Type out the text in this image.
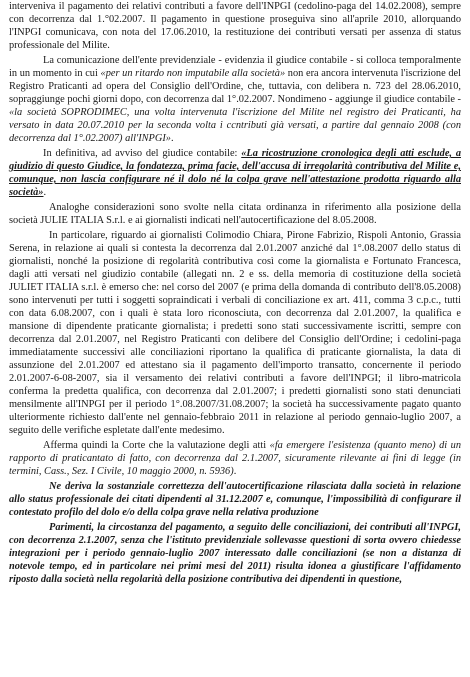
interveniva il pagamento dei relativi contributi a favore dell'INPGI (cedolino-paga del 14.02.2008), sempre con decorrenza dal 1.°02.2007. Il pagamento in questione proseguiva sino all'aprile 2010, allorquando l'INPGI comunicava, con nota del 17.06.2010, la restituzione dei contributi versati per assenza di status professionale del Milite.

La comunicazione dell'ente previdenziale - evidenzia il giudice contabile - si colloca temporalmente in un momento in cui «per un ritardo non imputabile alla società» non era ancora intervenuta l'iscrizione del Registro Praticanti ad opera del Consiglio dell'Ordine, che, tuttavia, con delibera n. 723 del 28.06.2010, sopraggiunge pochi giorni dopo, con decorrenza dal 1°.02.2007. Nondimeno - aggiunge il giudice contabile - «la società SOPRODIMEC, una volta intervenuta l'iscrizione del Milite nel registro dei Praticanti, ha versato in data 20.07.2010 per la seconda volta i ccntributi già versati, a partire dal gennaio 2008 (con decorrenza dal 1°.02.2007) all'INPGI».

In definitiva, ad avviso del giudice contabile: «La ricostruzione cronologica degli atti esclude, a giudizio di questo Giudice, la fondatezza, prima facie, dell'accusa di irregolarità contributiva del Milite e, comunque, non lascia configurare né il dolo né la colpa grave nell'attestazione prodotta riguardo alla società».

Analoghe considerazioni sono svolte nella citata ordinanza in riferimento alla posizione della società JULIE ITALIA S.r.l. e ai giornalisti indicati nell'autocertificazione del 8.05.2008.

In particolare, riguardo ai giornalisti Colimodio Chiara, Pirone Fabrizio, Rispoli Antonio, Grassia Serena, in relazione ai quali si contesta la decorrenza dal 2.01.2007 anziché dal 1°.08.2007 dello status di giornalisti, nonché la posizione di regolarità contributiva così come la giornalista e Fortunato Francesca, dagli atti versati nel giudizio contabile (allegati nn. 2 e ss. della memoria di costituzione della società JULIET ITALIA s.r.l. è emerso che: nel corso del 2007 (e prima della domanda di contributo dell'8.05.2008) sono intervenuti per tutti i soggetti sopraindicati i verbali di conciliazione ex art. 411, comma 3 c.p.c., tutti con data 6.08.2007, con i quali è stata loro riconosciuta, con decorrenza dal 2.01.2007, la qualifica e mansione di dipendente praticante giornalista; i predetti sono stati successivamente iscritti, sempre con decorrenza dal 2.01.2007, nel Registro Praticanti con delibere del Consiglio dell'Ordine; i cedolini-paga immediatamente successivi alle conciliazioni riportano la qualifica di praticante giornalista, la data di assunzione del 2.01.2007 ed attestano sia il pagamento dell'importo transatto, concernente il periodo 2.01.2007-6-08-2007, sia il versamento dei relativi contributi a favore dell'INPGI; il libro-matricola conferma la predetta qualifica, con decorrenza dal 2.01.2007; i predetti giornalisti sono stati denunciati mensilmente all'INPGI per il periodo 1°.08.2007/31.08.2007; la società ha successivamente pagato quanto ulteriormente richiesto dall'ente nel gennaio-febbraio 2011 in relazione al periodo gennaio-luglio 2007, a seguito delle verifiche espletate dall'ente medesimo.

Afferma quindi la Corte che la valutazione degli atti «fa emergere l'esistenza (quanto meno) di un rapporto di praticantato di fatto, con decorrenza dal 2.1.2007, sicuramente rilevante ai fini di legge (in termini, Cass., Sez. I Civile, 10 maggio 2000, n. 5936).

Ne deriva la sostanziale correttezza dell'autocertificazione rilasciata dalla società in relazione allo status professionale dei citati dipendenti al 31.12.2007 e, comunque, l'impossibilità di configurare il contestato profilo del dolo e/o della colpa grave nella relativa produzione

Parimenti, la circostanza del pagamento, a seguito delle conciliazioni, dei contributi all'INPGI, con decorrenza 2.1.2007, senza che l'istituto previdenziale sollevasse questioni di sorta ovvero chiedesse integrazioni per i periodo gennaio-luglio 2007 interessato dalle conciliazioni (se non a distanza di notevole tempo, ed in particolare nei primi mesi del 2011) risulta idonea a giustificare l'affidamento riposto dalla società nella regolarità della posizione contributiva dei dipendenti in questione,
